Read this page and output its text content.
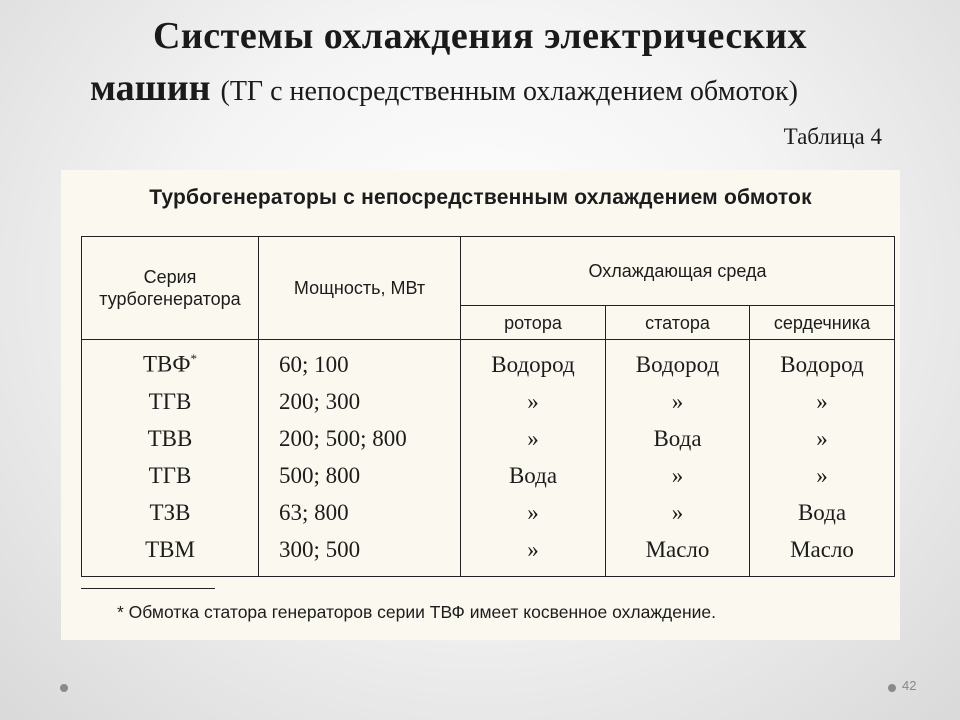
Системы охлаждения электрических
машин (ТГ с непосредственным охлаждением обмоток)
Таблица 4
Турбогенераторы с непосредственным охлаждением обмоток
Серия турбогенератора	Мощность, МВт	Охлаждающая среда		
		ротора	статора	сердечника
ТВФ*	60; 100	Водород	Водород	Водород
ТГВ	200; 300	»	»	»
ТВВ	200; 500; 800	»	Вода	»
ТГВ	500; 800	Вода	»	»
ТЗВ	63; 800	»	»	Вода
ТВМ	300; 500	»	Масло	Масло
* Обмотка статора генераторов серии ТВФ имеет косвенное охлаждение.
42
